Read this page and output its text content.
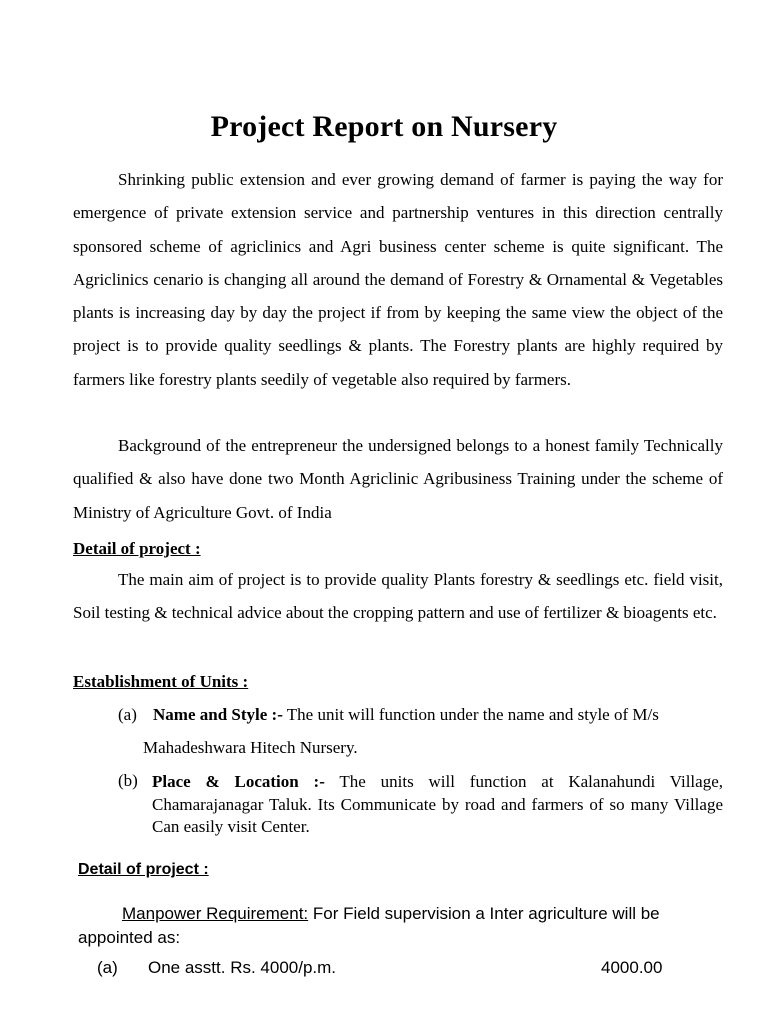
Project Report on Nursery
Shrinking public extension and ever growing demand of farmer is paying the way for emergence of private extension service and partnership ventures in this direction centrally sponsored scheme of agriclinics and Agri business center scheme is quite significant. The Agriclinics cenario is changing all around the demand of Forestry & Ornamental & Vegetables plants is increasing day by day the project if from by keeping the same view the object of the project is to provide quality seedlings & plants. The Forestry plants are highly required by farmers like forestry plants seedily of vegetable also required by farmers.
Background of the entrepreneur the undersigned belongs to a honest family Technically qualified & also have done two Month Agriclinic Agribusiness Training under the scheme of Ministry of Agriculture Govt. of India
Detail of project :
The main aim of project is to provide quality Plants forestry & seedlings etc. field visit, Soil testing & technical advice about the cropping pattern and use of fertilizer & bioagents etc.
Establishment of Units :
(a) Name and Style :- The unit will function under the name and style of M/s
Mahadeshwara Hitech Nursery.
(b) Place & Location :- The units will function at Kalanahundi Village, Chamarajanagar Taluk. Its Communicate by road and farmers of so many Village Can easily visit Center.
Detail of project :
Manpower Requirement: For Field supervision a Inter agriculture will be appointed as:
(a) One asstt. Rs. 4000/p.m.	4000.00
